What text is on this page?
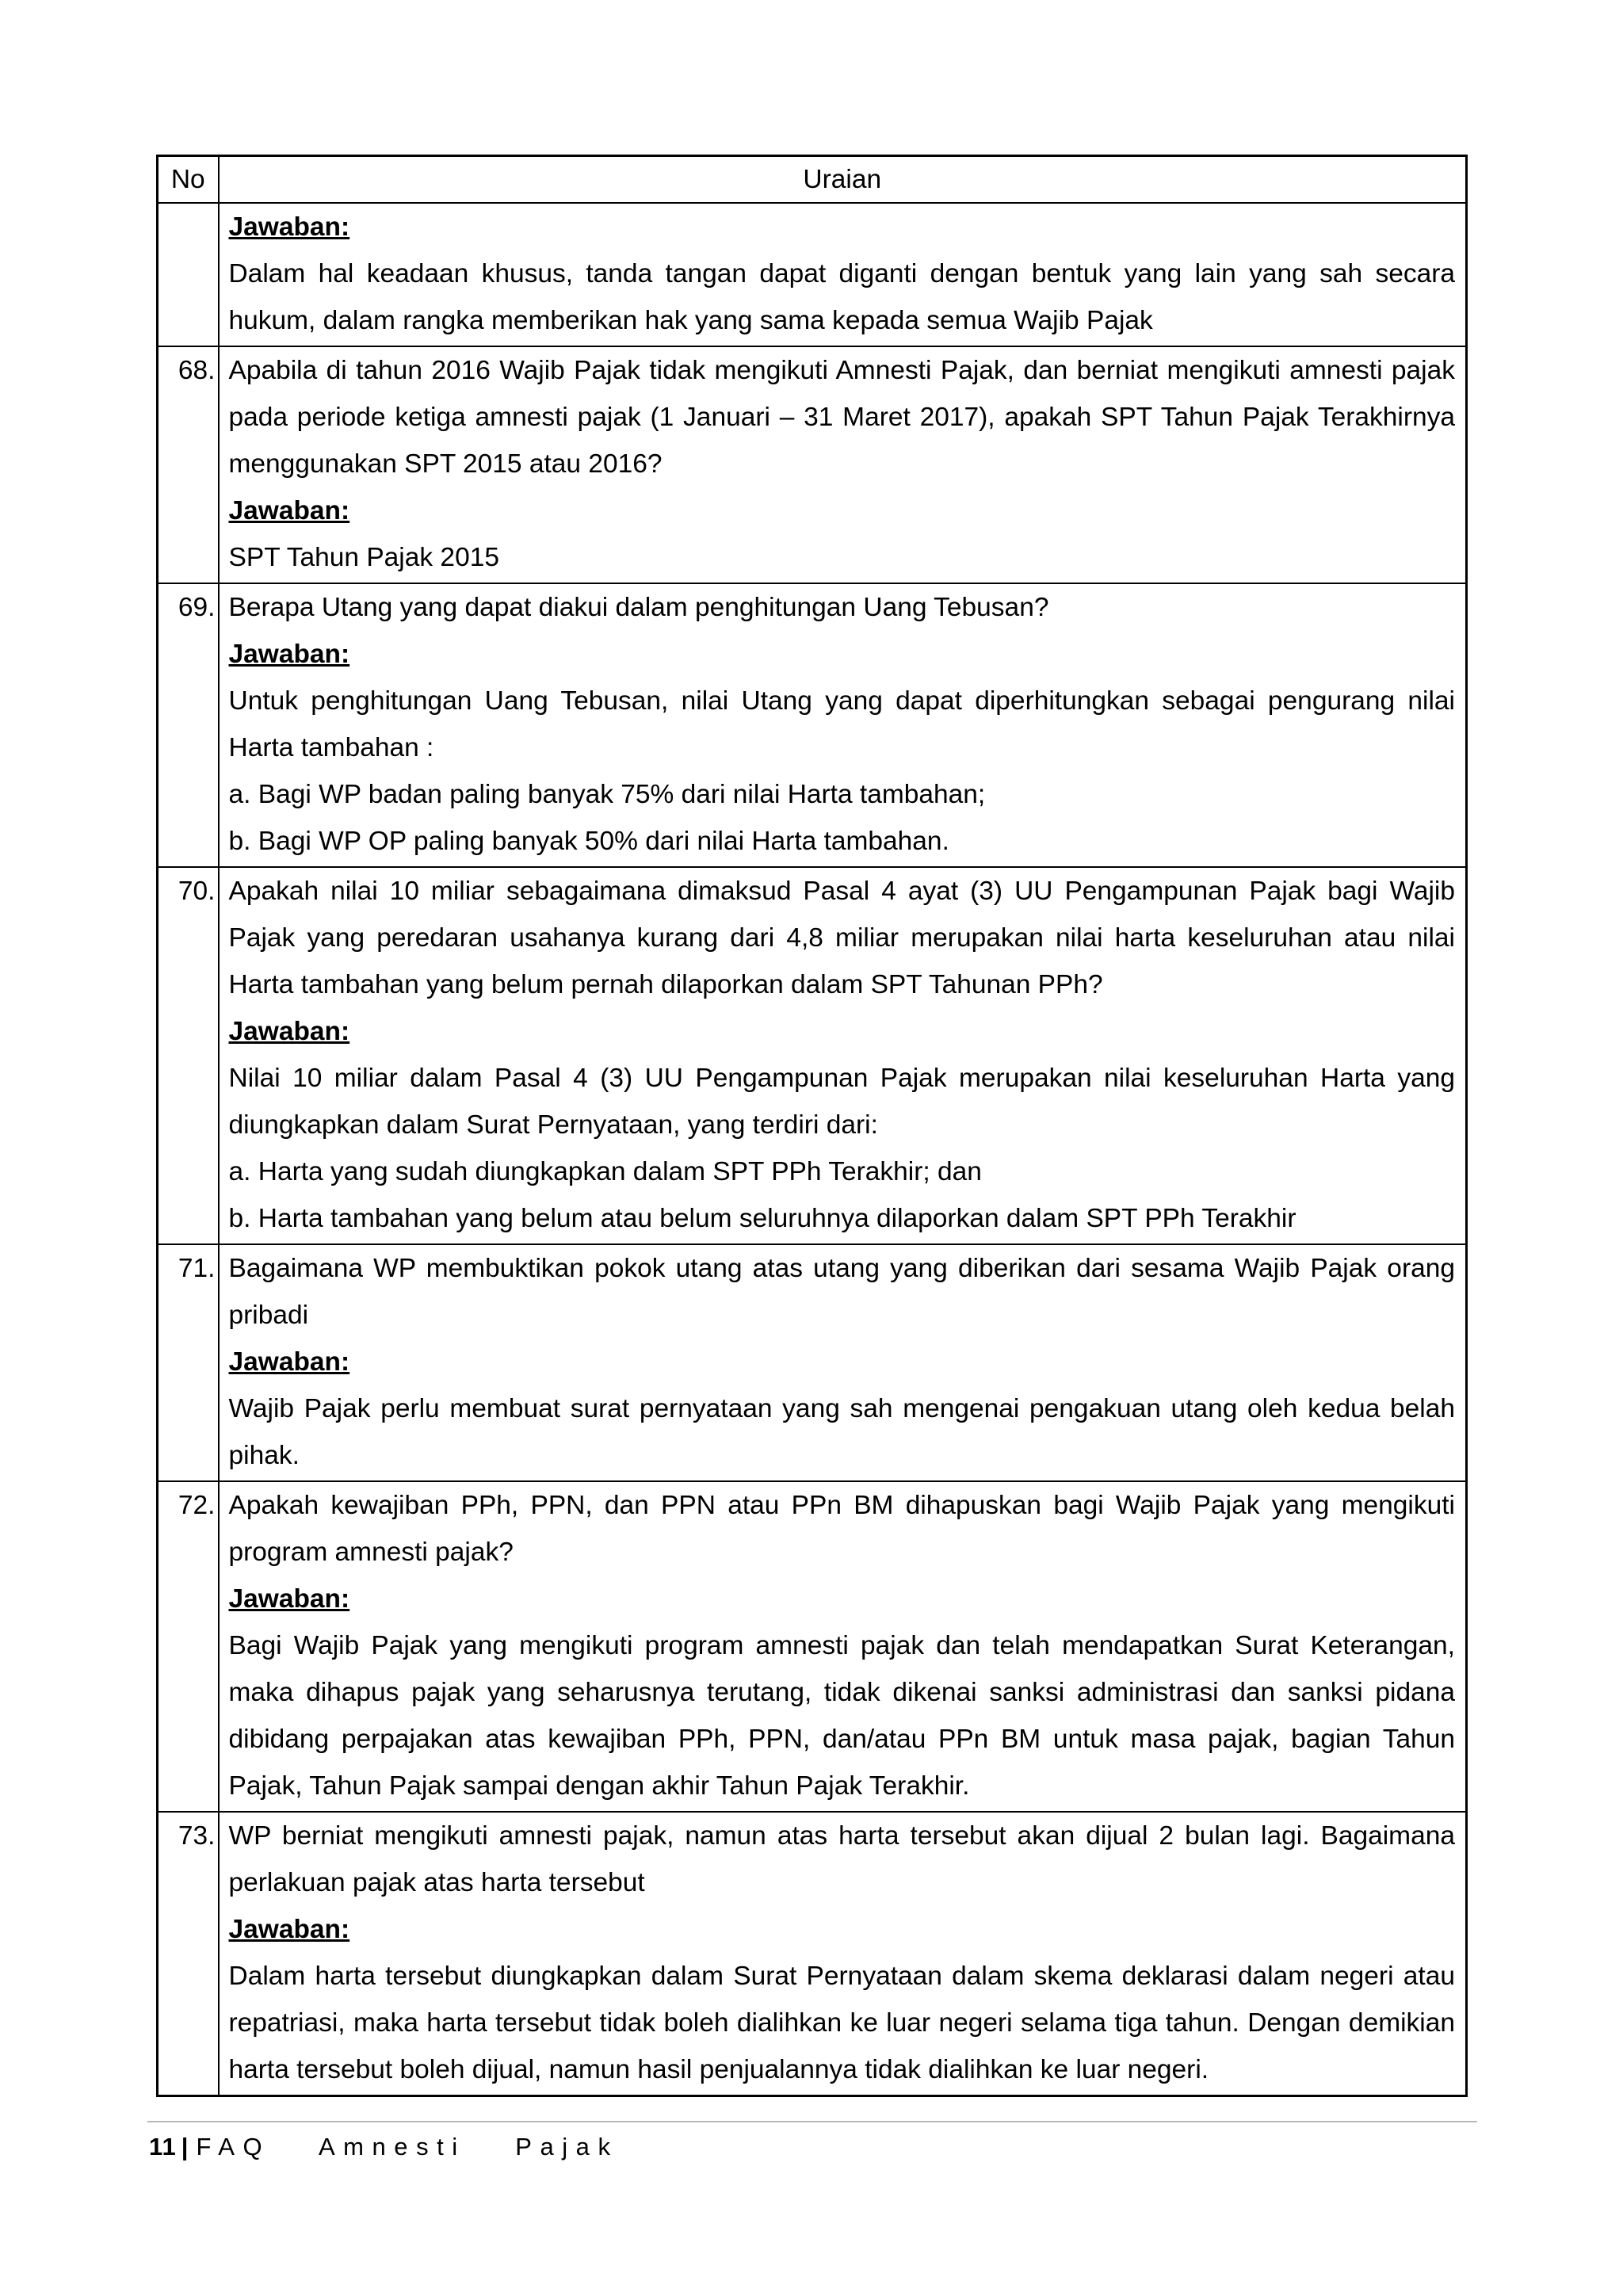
No	Uraian

	Jawaban:

Dalam hal keadaan khusus, tanda tangan dapat diganti dengan bentuk yang lain yang sah secara hukum, dalam rangka memberikan hak yang sama kepada semua Wajib Pajak

68.	Apabila di tahun 2016 Wajib Pajak tidak mengikuti Amnesti Pajak, dan berniat mengikuti amnesti pajak pada periode ketiga amnesti pajak (1 Januari – 31 Maret 2017), apakah SPT Tahun Pajak Terakhirnya menggunakan SPT 2015 atau 2016?

Jawaban:

SPT Tahun Pajak 2015

69.	Berapa Utang yang dapat diakui dalam penghitungan Uang Tebusan?

Jawaban:

Untuk penghitungan Uang Tebusan, nilai Utang yang dapat diperhitungkan sebagai pengurang nilai Harta tambahan :

a. Bagi WP badan paling banyak 75% dari nilai Harta tambahan;

b. Bagi WP OP paling banyak 50% dari nilai Harta tambahan.

70.	Apakah nilai 10 miliar sebagaimana dimaksud Pasal 4 ayat (3) UU Pengampunan Pajak bagi Wajib Pajak yang peredaran usahanya kurang dari 4,8 miliar merupakan nilai harta keseluruhan atau nilai Harta tambahan yang belum pernah dilaporkan dalam SPT Tahunan PPh?

Jawaban:

Nilai 10 miliar dalam Pasal 4 (3) UU Pengampunan Pajak merupakan nilai keseluruhan Harta yang diungkapkan dalam Surat Pernyataan, yang terdiri dari:

a. Harta yang sudah diungkapkan dalam SPT PPh Terakhir; dan

b. Harta tambahan yang belum atau belum seluruhnya dilaporkan dalam SPT PPh Terakhir

71.	Bagaimana WP membuktikan pokok utang atas utang yang diberikan dari sesama Wajib Pajak orang pribadi

Jawaban:

Wajib Pajak perlu membuat surat pernyataan yang sah mengenai pengakuan utang oleh kedua belah pihak.

72.	Apakah kewajiban PPh, PPN, dan PPN atau PPn BM dihapuskan bagi Wajib Pajak yang mengikuti program amnesti pajak?

Jawaban:

Bagi Wajib Pajak yang mengikuti program amnesti pajak dan telah mendapatkan Surat Keterangan, maka dihapus pajak yang seharusnya terutang, tidak dikenai sanksi administrasi dan sanksi pidana dibidang perpajakan atas kewajiban PPh, PPN, dan/atau PPn BM untuk masa pajak, bagian Tahun Pajak, Tahun Pajak sampai dengan akhir Tahun Pajak Terakhir.

73.	WP berniat mengikuti amnesti pajak, namun atas harta tersebut akan dijual 2 bulan lagi. Bagaimana perlakuan pajak atas harta tersebut

Jawaban:

Dalam harta tersebut diungkapkan dalam Surat Pernyataan dalam skema deklarasi dalam negeri atau repatriasi, maka harta tersebut tidak boleh dialihkan ke luar negeri selama tiga tahun. Dengan demikian harta tersebut boleh dijual, namun hasil penjualannya tidak dialihkan ke luar negeri.

11 | FAQ Amnesti Pajak
